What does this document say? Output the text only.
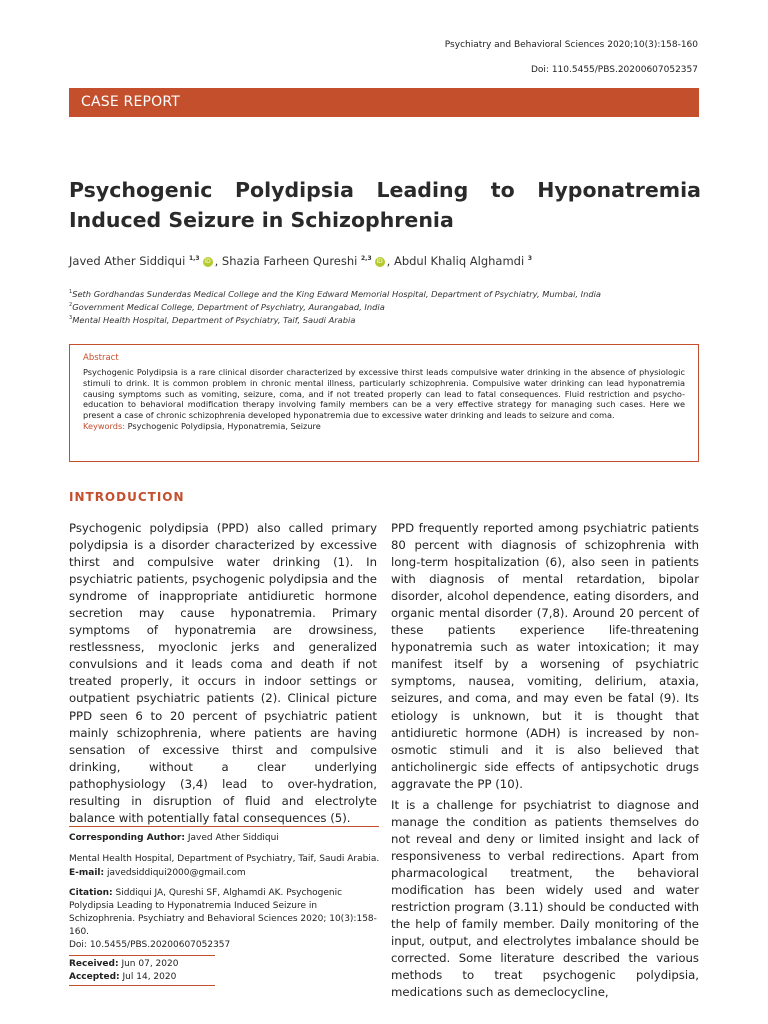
Psychiatry and Behavioral Sciences 2020;10(3):158-160
Doi: 110.5455/PBS.20200607052357
CASE REPORT
Psychogenic Polydipsia Leading to Hyponatremia Induced Seizure in Schizophrenia
Javed Ather Siddiqui $^{1,3}$ iD , Shazia Farheen Qureshi $^{2,3}$ iD , Abdul Khaliq Alghamdi $^3$
$^1$Seth Gordhandas Sunderdas Medical College and the King Edward Memorial Hospital, Department of Psychiatry, Mumbai, India
$^2$Government Medical College, Department of Psychiatry, Aurangabad, India
$^3$Mental Health Hospital, Department of Psychiatry, Taif, Saudi Arabia
Abstract

Psychogenic Polydipsia is a rare clinical disorder characterized by excessive thirst leads compulsive water drinking in the absence of physiologic stimuli to drink. It is common problem in chronic mental illness, particularly schizophrenia. Compulsive water drinking can lead hyponatremia causing symptoms such as vomiting, seizure, coma, and if not treated properly can lead to fatal consequences. Fluid restriction and psycho-education to behavioral modification therapy involving family members can be a very effective strategy for managing such cases. Here we present a case of chronic schizophrenia developed hyponatremia due to excessive water drinking and leads to seizure and coma.

Keywords: Psychogenic Polydipsia, Hyponatremia, Seizure
INTRODUCTION

Psychogenic polydipsia (PPD) also called primary polydipsia is a disorder characterized by excessive thirst and compulsive water drinking (1). In psychiatric patients, psychogenic polydipsia and the syndrome of inappropriate antidiuretic hormone secretion may cause hyponatremia. Primary symptoms of hyponatremia are drowsiness, restlessness, myoclonic jerks and generalized convulsions and it leads coma and death if not treated properly, it occurs in indoor settings or outpatient psychiatric patients (2). Clinical picture PPD seen 6 to 20 percent of psychiatric patient mainly schizophrenia, where patients are having sensation of excessive thirst and compulsive drinking, without a clear underlying pathophysiology (3,4) lead to over-hydration, resulting in disruption of fluid and electrolyte balance with potentially fatal consequences (5).

PPD frequently reported among psychiatric patients 80 percent with diagnosis of schizophrenia with long-term hospitalization (6), also seen in patients with diagnosis of mental retardation, bipolar disorder, alcohol dependence, eating disorders, and organic mental disorder (7,8). Around 20 percent of these patients experience life-threatening hyponatremia such as water intoxication; it may manifest itself by a worsening of psychiatric symptoms, nausea, vomiting, delirium, ataxia, seizures, and coma, and may even be fatal (9). Its etiology is unknown, but it is thought that antidiuretic hormone (ADH) is increased by non-osmotic stimuli and it is also believed that anticholinergic side effects of antipsychotic drugs aggravate the PP (10).

It is a challenge for psychiatrist to diagnose and manage the condition as patients themselves do not reveal and deny or limited insight and lack of responsiveness to verbal redirections. Apart from pharmacological treatment, the behavioral modification has been widely used and water restriction program (3.11) should be conducted with the help of family member. Daily monitoring of the input, output, and electrolytes imbalance should be corrected. Some literature described the various methods to treat psychogenic polydipsia, medications such as demeclocycline,

Corresponding Author: Javed Ather Siddiqui
Mental Health Hospital, Department of Psychiatry, Taif, Saudi Arabia.
E-mail: javedsiddiqui2000@gmail.com
Citation: Siddiqui JA, Qureshi SF, Alghamdi AK. Psychogenic Polydipsia Leading to Hyponatremia Induced Seizure in Schizophrenia. Psychiatry and Behavioral Sciences 2020; 10(3):158-160.
Doi: 10.5455/PBS.20200607052357
Received: Jun 07, 2020
Accepted: Jul 14, 2020
